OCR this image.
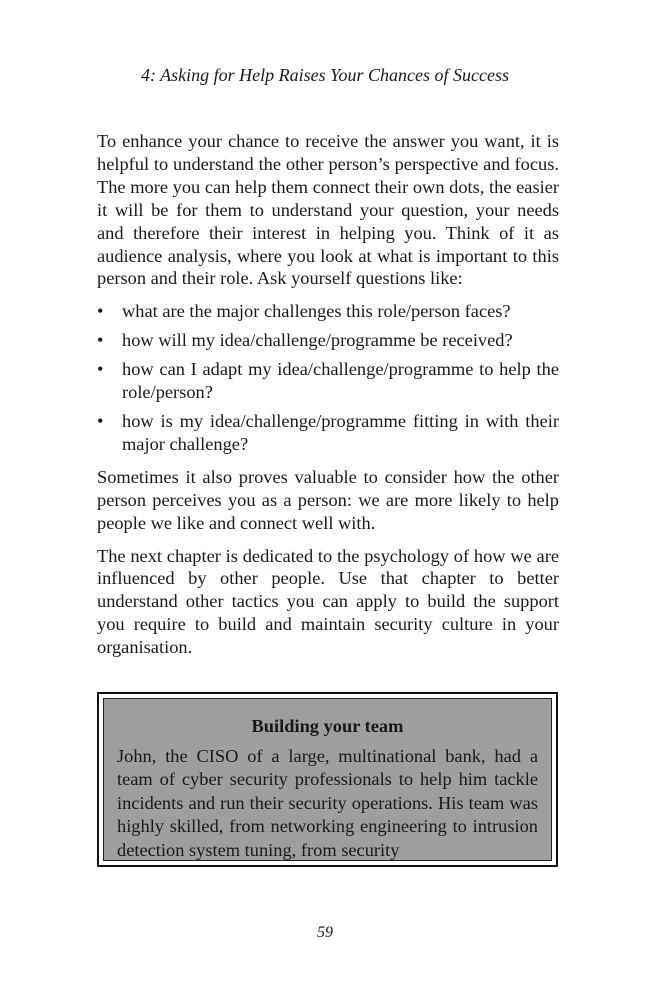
4: Asking for Help Raises Your Chances of Success

To enhance your chance to receive the answer you want, it is helpful to understand the other person’s perspective and focus. The more you can help them connect their own dots, the easier it will be for them to understand your question, your needs and therefore their interest in helping you. Think of it as audience analysis, where you look at what is important to this person and their role. Ask yourself questions like:

• what are the major challenges this role/person faces?
• how will my idea/challenge/programme be received?
• how can I adapt my idea/challenge/programme to help the role/person?
• how is my idea/challenge/programme fitting in with their major challenge?

Sometimes it also proves valuable to consider how the other person perceives you as a person: we are more likely to help people we like and connect well with.

The next chapter is dedicated to the psychology of how we are influenced by other people. Use that chapter to better understand other tactics you can apply to build the support you require to build and maintain security culture in your organisation.

Building your team

John, the CISO of a large, multinational bank, had a team of cyber security professionals to help him tackle incidents and run their security operations. His team was highly skilled, from networking engineering to intrusion detection system tuning, from security

59
